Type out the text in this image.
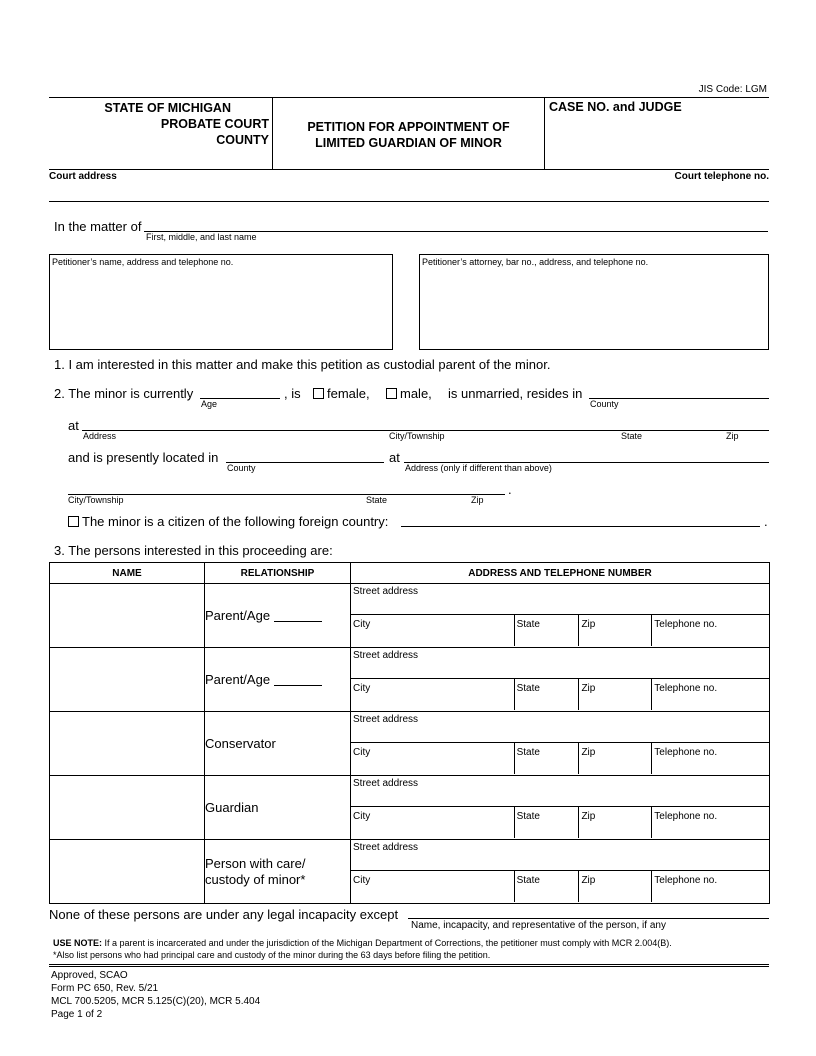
JIS Code: LGM
STATE OF MICHIGAN
PROBATE COURT
COUNTY
PETITION FOR APPOINTMENT OF
LIMITED GUARDIAN OF MINOR
CASE NO. and JUDGE
Court address	Court telephone no.
In the matter of
First, middle, and last name
Petitioner’s name, address and telephone no.	Petitioner’s attorney, bar no., address, and telephone no.
1. I am interested in this matter and make this petition as custodial parent of the minor.
2. The minor is currently
Age
, is	female,	male, is unmarried, resides in
County
at
Address	City/Township	State	Zip
and is presently located in
County
at
Address (only if different than above)
.
City/Township	State	Zip
The minor is a citizen of the following foreign country:	.
3. The persons interested in this proceeding are:
NAME	RELATIONSHIP	ADDRESS AND TELEPHONE NUMBER
	Parent/Age	Street address
City State Zip Telephone no.

	Parent/Age	Street address
City State Zip Telephone no.

	Conservator	Street address
City State Zip Telephone no.

	Guardian	Street address
City State Zip Telephone no.

	Person with care/ custody of minor*	Street address
City State Zip Telephone no.
None of these persons are under any legal incapacity except
Name, incapacity, and representative of the person, if any
USE NOTE: If a parent is incarcerated and under the jurisdiction of the Michigan Department of Corrections, the petitioner must comply with MCR 2.004(B).
*Also list persons who had principal care and custody of the minor during the 63 days before filing the petition.
Approved, SCAO
Form PC 650, Rev. 5/21
MCL 700.5205, MCR 5.125(C)(20), MCR 5.404
Page 1 of 2
